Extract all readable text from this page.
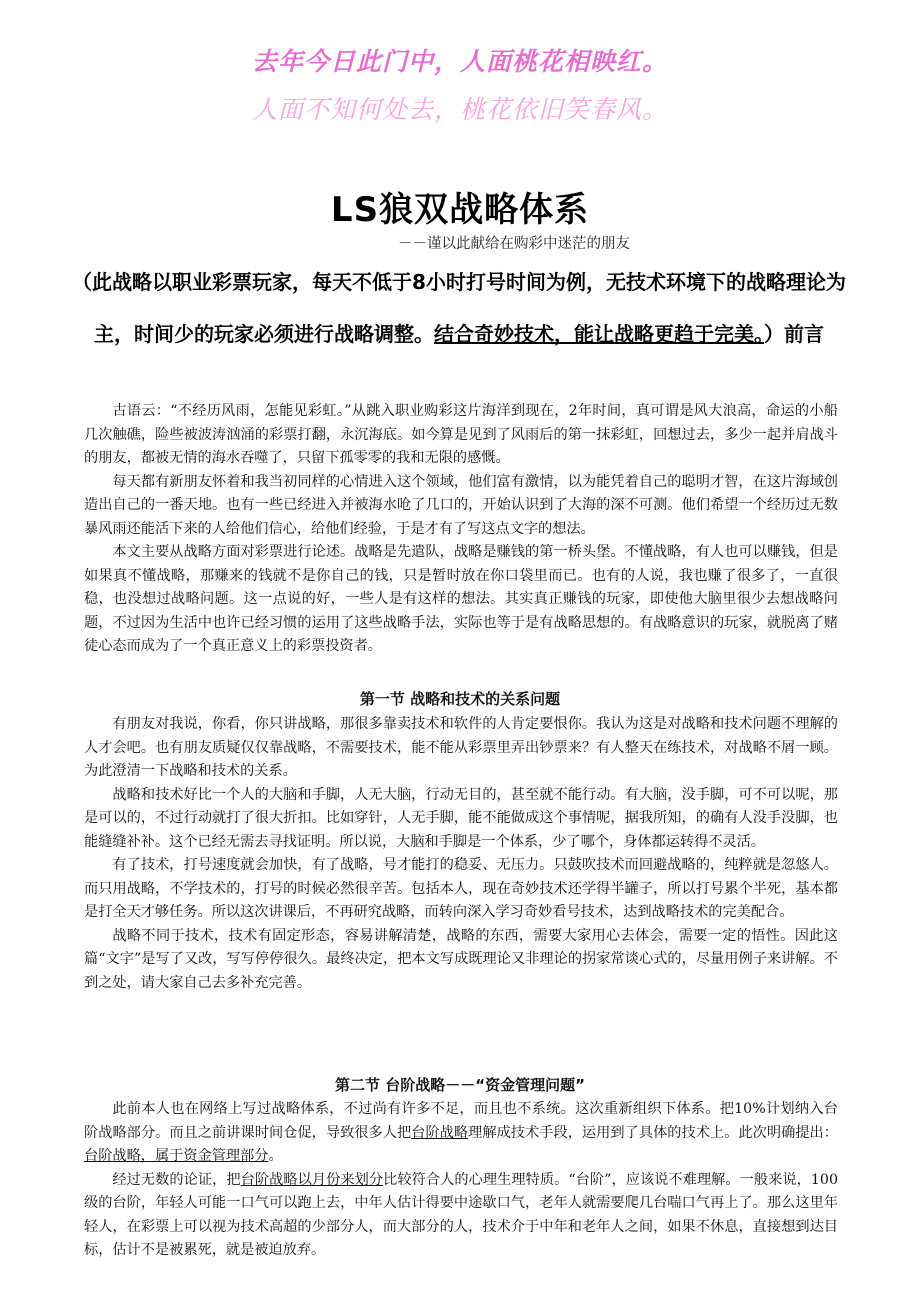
去年今日此门中，人面桃花相映红。
人面不知何处去，桃花依旧笑春风。
LS狼双战略体系
－－谨以此献给在购彩中迷茫的朋友
（此战略以职业彩票玩家，每天不低于8小时打号时间为例，无技术环境下的战略理论为主，时间少的玩家必须进行战略调整。结合奇妙技术，能让战略更趋于完美。）前言

古语云：“不经历风雨，怎能见彩虹。”从跳入职业购彩这片海洋到现在，2年时间，真可谓是风大浪高，命运的小船几次触礁，险些被波涛汹涌的彩票打翻，永沉海底。如今算是见到了风雨后的第一抹彩虹，回想过去，多少一起并肩战斗的朋友，都被无情的海水吞噬了，只留下孤零零的我和无限的感慨。

每天都有新朋友怀着和我当初同样的心情进入这个领域，他们富有激情，以为能凭着自己的聪明才智，在这片海域创造出自己的一番天地。也有一些已经进入并被海水呛了几口的，开始认识到了大海的深不可测。他们希望一个经历过无数暴风雨还能活下来的人给他们信心，给他们经验，于是才有了写这点文字的想法。

本文主要从战略方面对彩票进行论述。战略是先遣队，战略是赚钱的第一桥头堡。不懂战略，有人也可以赚钱，但是如果真不懂战略，那赚来的钱就不是你自己的钱，只是暂时放在你口袋里而已。也有的人说，我也赚了很多了，一直很稳，也没想过战略问题。这一点说的好，一些人是有这样的想法。其实真正赚钱的玩家，即使他大脑里很少去想战略问题，不过因为生活中也许已经习惯的运用了这些战略手法，实际也等于是有战略思想的。有战略意识的玩家，就脱离了赌徒心态而成为了一个真正意义上的彩票投资者。

第一节 战略和技术的关系问题

有朋友对我说，你看，你只讲战略，那很多靠卖技术和软件的人肯定要恨你。我认为这是对战略和技术问题不理解的人才会吧。也有朋友质疑仅仅靠战略，不需要技术，能不能从彩票里弄出钞票来？有人整天在练技术，对战略不屑一顾。为此澄清一下战略和技术的关系。

战略和技术好比一个人的大脑和手脚，人无大脑，行动无目的，甚至就不能行动。有大脑，没手脚，可不可以呢，那是可以的，不过行动就打了很大折扣。比如穿针，人无手脚，能不能做成这个事情呢，据我所知，的确有人没手没脚，也能缝缝补补。这个已经无需去寻找证明。所以说，大脑和手脚是一个体系，少了哪个，身体都运转得不灵活。

有了技术，打号速度就会加快，有了战略，号才能打的稳妥、无压力。只鼓吹技术而回避战略的，纯粹就是忽悠人。而只用战略，不学技术的，打号的时候必然很辛苦。包括本人，现在奇妙技术还学得半罐子，所以打号累个半死，基本都是打全天才够任务。所以这次讲课后，不再研究战略，而转向深入学习奇妙看号技术，达到战略技术的完美配合。

战略不同于技术，技术有固定形态，容易讲解清楚，战略的东西，需要大家用心去体会，需要一定的悟性。因此这篇“文字”是写了又改，写写停停很久。最终决定，把本文写成既理论又非理论的拐家常谈心式的，尽量用例子来讲解。不到之处，请大家自己去多补充完善。

第二节 台阶战略－－“资金管理问题”

此前本人也在网络上写过战略体系，不过尚有许多不足，而且也不系统。这次重新组织下体系。把10%计划纳入台阶战略部分。而且之前讲课时间仓促，导致很多人把台阶战略理解成技术手段，运用到了具体的技术上。此次明确提出：台阶战略，属于资金管理部分。

经过无数的论证，把台阶战略以月份来划分比较符合人的心理生理特质。“台阶”，应该说不难理解。一般来说，100级的台阶，年轻人可能一口气可以跑上去，中年人估计得要中途歇口气，老年人就需要爬几台喘口气再上了。那么这里年轻人，在彩票上可以视为技术高超的少部分人，而大部分的人，技术介于中年和老年人之间，如果不休息，直接想到达目标，估计不是被累死，就是被迫放弃。
